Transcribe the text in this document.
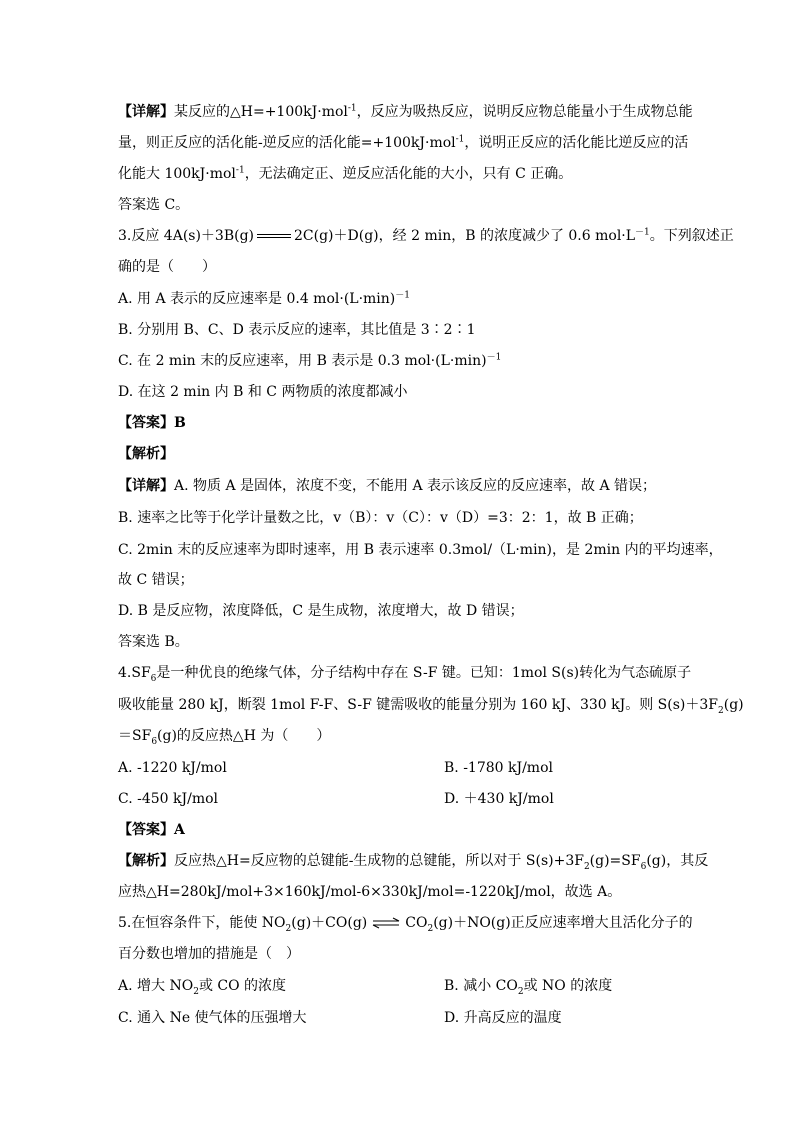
【详解】某反应的△H=+100kJ·mol$^{-1}$，反应为吸热反应，说明反应物总能量小于生成物总能
量，则正反应的活化能-逆反应的活化能=+100kJ·mol$^{-1}$，说明正反应的活化能比逆反应的活
化能大 100kJ·mol$^{-1}$，无法确定正、逆反应活化能的大小，只有 C 正确。
答案选 C。
3.反应 4A(s)＋3B(g)	2C(g)＋D(g)，经 2 min，B 的浓度减少了 0.6 $mol\cdot L^{-1}$。下列叙述正
确的是（　　）
A. 用 A 表示的反应速率是 0.4 $mol\cdot(L\cdot\min)^{-1}$
B. 分别用 B、C、D 表示反应的速率，其比值是 3∶2∶1
C. 在 2 min 末的反应速率，用 B 表示是 0.3 $mol\cdot(L\cdot\min)^{-1}$
D. 在这 2 min 内 B 和 C 两物质的浓度都减小
【答案】B
【解析】
【详解】A. 物质 A 是固体，浓度不变，不能用 A 表示该反应的反应速率，故 A 错误；
B. 速率之比等于化学计量数之比，v（B）：v（C）：v（D）=3：2：1，故 B 正确；
C. 2min 末的反应速率为即时速率，用 B 表示速率 0.3mol/（L·min)，是 2min 内的平均速率，
故 C 错误；
D. B 是反应物，浓度降低，C 是生成物，浓度增大，故 D 错误；
答案选 B。
$4.SF_6$是一种优良的绝缘气体，分子结构中存在 S-F 键。已知：1mol S(s)转化为气态硫原子
吸收能量 280 kJ，断裂 1mol F-F、S-F 键需吸收的能量分别为 160 kJ、330 kJ。则 $S(s)+3F_2(g)$
$=SF_6(g)$的反应热△H 为（　　）
A. -1220 kJ/mol	B. -1780 kJ/mol
C. -450 kJ/mol	D. ＋430 kJ/mol
【答案】A
【解析】反应热△H=反应物的总键能-生成物的总键能，所以对于 $S(s)+3F_2(g)=SF_6(g)$，其反
应热△H=280kJ/mol+3×160kJ/mol-6×330kJ/mol=-1220kJ/mol，故选 A。
5.在恒容条件下，能使 $NO_2(g)+CO(g)$ ⇌ $CO_2(g)+NO(g)$正反应速率增大且活化分子的
百分数也增加的措施是（　）
A. 增大 $NO_2$或 CO 的浓度	B. 减小 $CO_2$或 NO 的浓度
C. 通入 Ne 使气体的压强增大	D. 升高反应的温度
